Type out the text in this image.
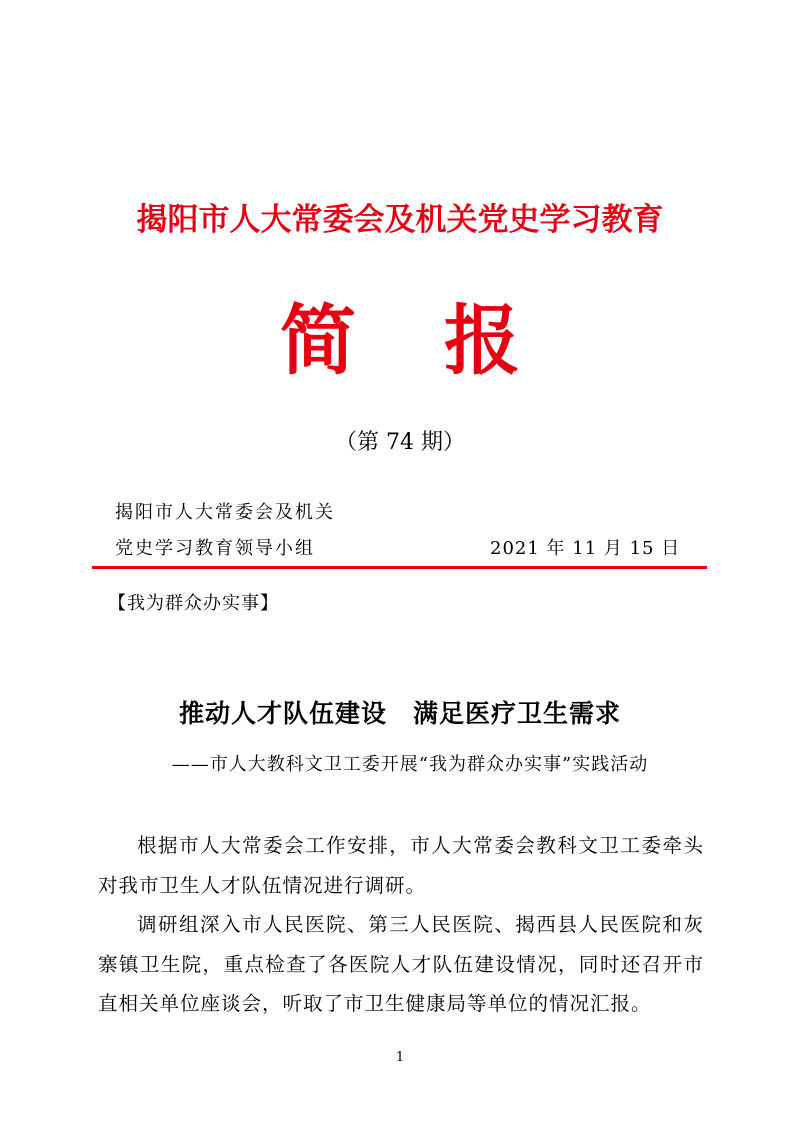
揭阳市人大常委会及机关党史学习教育
简报
（第 74 期）
揭阳市人大常委会及机关
党史学习教育领导小组	2021 年 11 月 15 日
【我为群众办实事】
推动人才队伍建设　满足医疗卫生需求
——市人大教科文卫工委开展“我为群众办实事”实践活动

根据市人大常委会工作安排，市人大常委会教科文卫工委牵头对我市卫生人才队伍情况进行调研。

调研组深入市人民医院、第三人民医院、揭西县人民医院和灰寨镇卫生院，重点检查了各医院人才队伍建设情况，同时还召开市直相关单位座谈会，听取了市卫生健康局等单位的情况汇报。

1
